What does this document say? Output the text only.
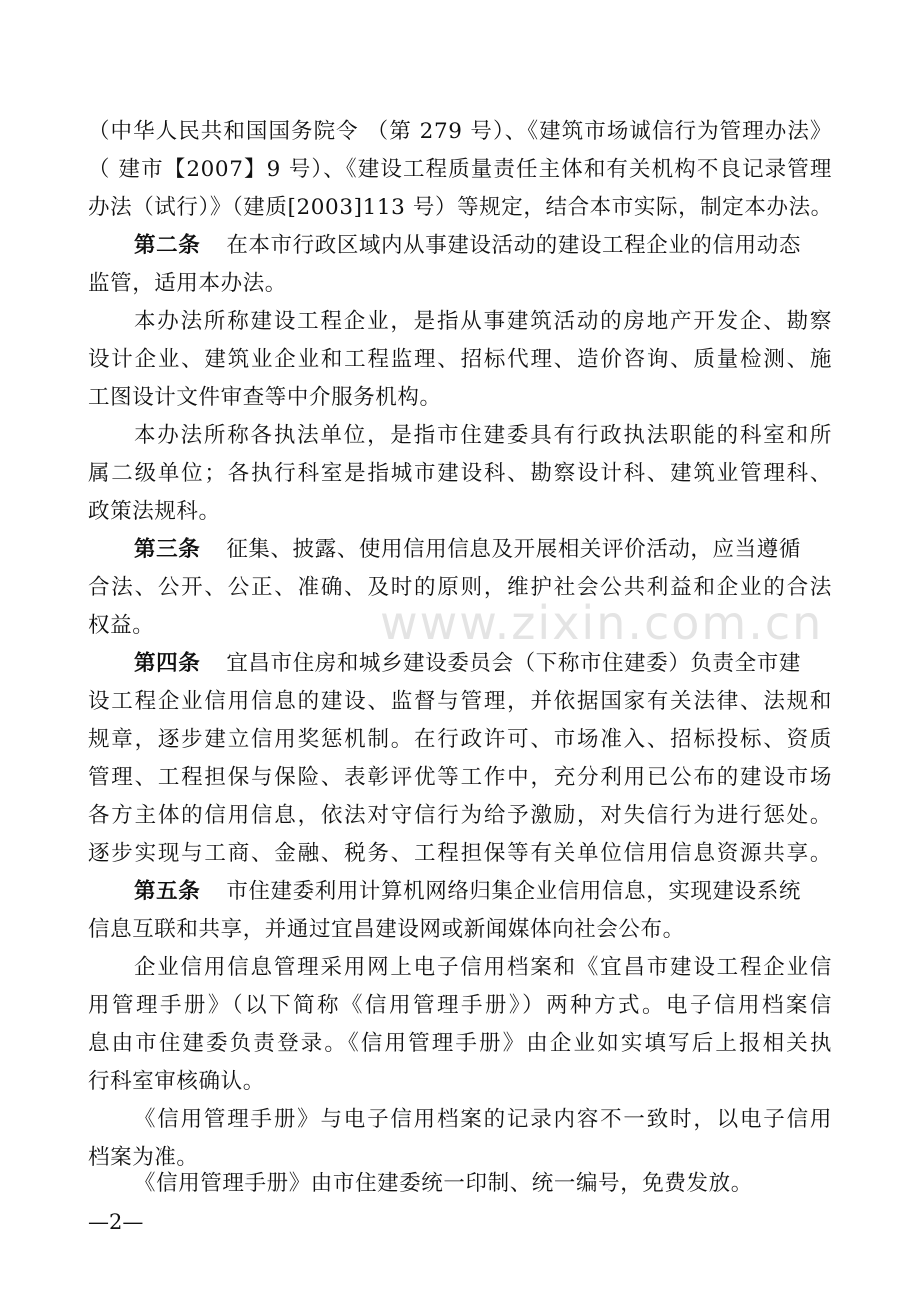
www.zixin.com.cn
（中华人民共和国国务院令 （第 279 号）、《建筑市场诚信行为管理办法》
（ 建市【2007】9 号）、《建设工程质量责任主体和有关机构不良记录管理
办法（试行）》（建质[2003]113 号）等规定，结合本市实际，制定本办法。
第二条 在本市行政区域内从事建设活动的建设工程企业的信用动态
监管，适用本办法。
本办法所称建设工程企业，是指从事建筑活动的房地产开发企、勘察
设计企业、建筑业企业和工程监理、招标代理、造价咨询、质量检测、施
工图设计文件审查等中介服务机构。
本办法所称各执法单位，是指市住建委具有行政执法职能的科室和所
属二级单位；各执行科室是指城市建设科、勘察设计科、建筑业管理科、
政策法规科。
第三条 征集、披露、使用信用信息及开展相关评价活动，应当遵循
合法、公开、公正、准确、及时的原则，维护社会公共利益和企业的合法
权益。
第四条 宜昌市住房和城乡建设委员会（下称市住建委）负责全市建
设工程企业信用信息的建设、监督与管理，并依据国家有关法律、法规和
规章，逐步建立信用奖惩机制。在行政许可、市场准入、招标投标、资质
管理、工程担保与保险、表彰评优等工作中，充分利用已公布的建设市场
各方主体的信用信息，依法对守信行为给予激励，对失信行为进行惩处。
逐步实现与工商、金融、税务、工程担保等有关单位信用信息资源共享。
第五条 市住建委利用计算机网络归集企业信用信息，实现建设系统
信息互联和共享，并通过宜昌建设网或新闻媒体向社会公布。
企业信用信息管理采用网上电子信用档案和《宜昌市建设工程企业信
用管理手册》（以下简称《信用管理手册》）两种方式。电子信用档案信
息由市住建委负责登录。《信用管理手册》由企业如实填写后上报相关执
行科室审核确认。
《信用管理手册》与电子信用档案的记录内容不一致时，以电子信用
档案为准。
《信用管理手册》由市住建委统一印制、统一编号，免费发放。
—2—
